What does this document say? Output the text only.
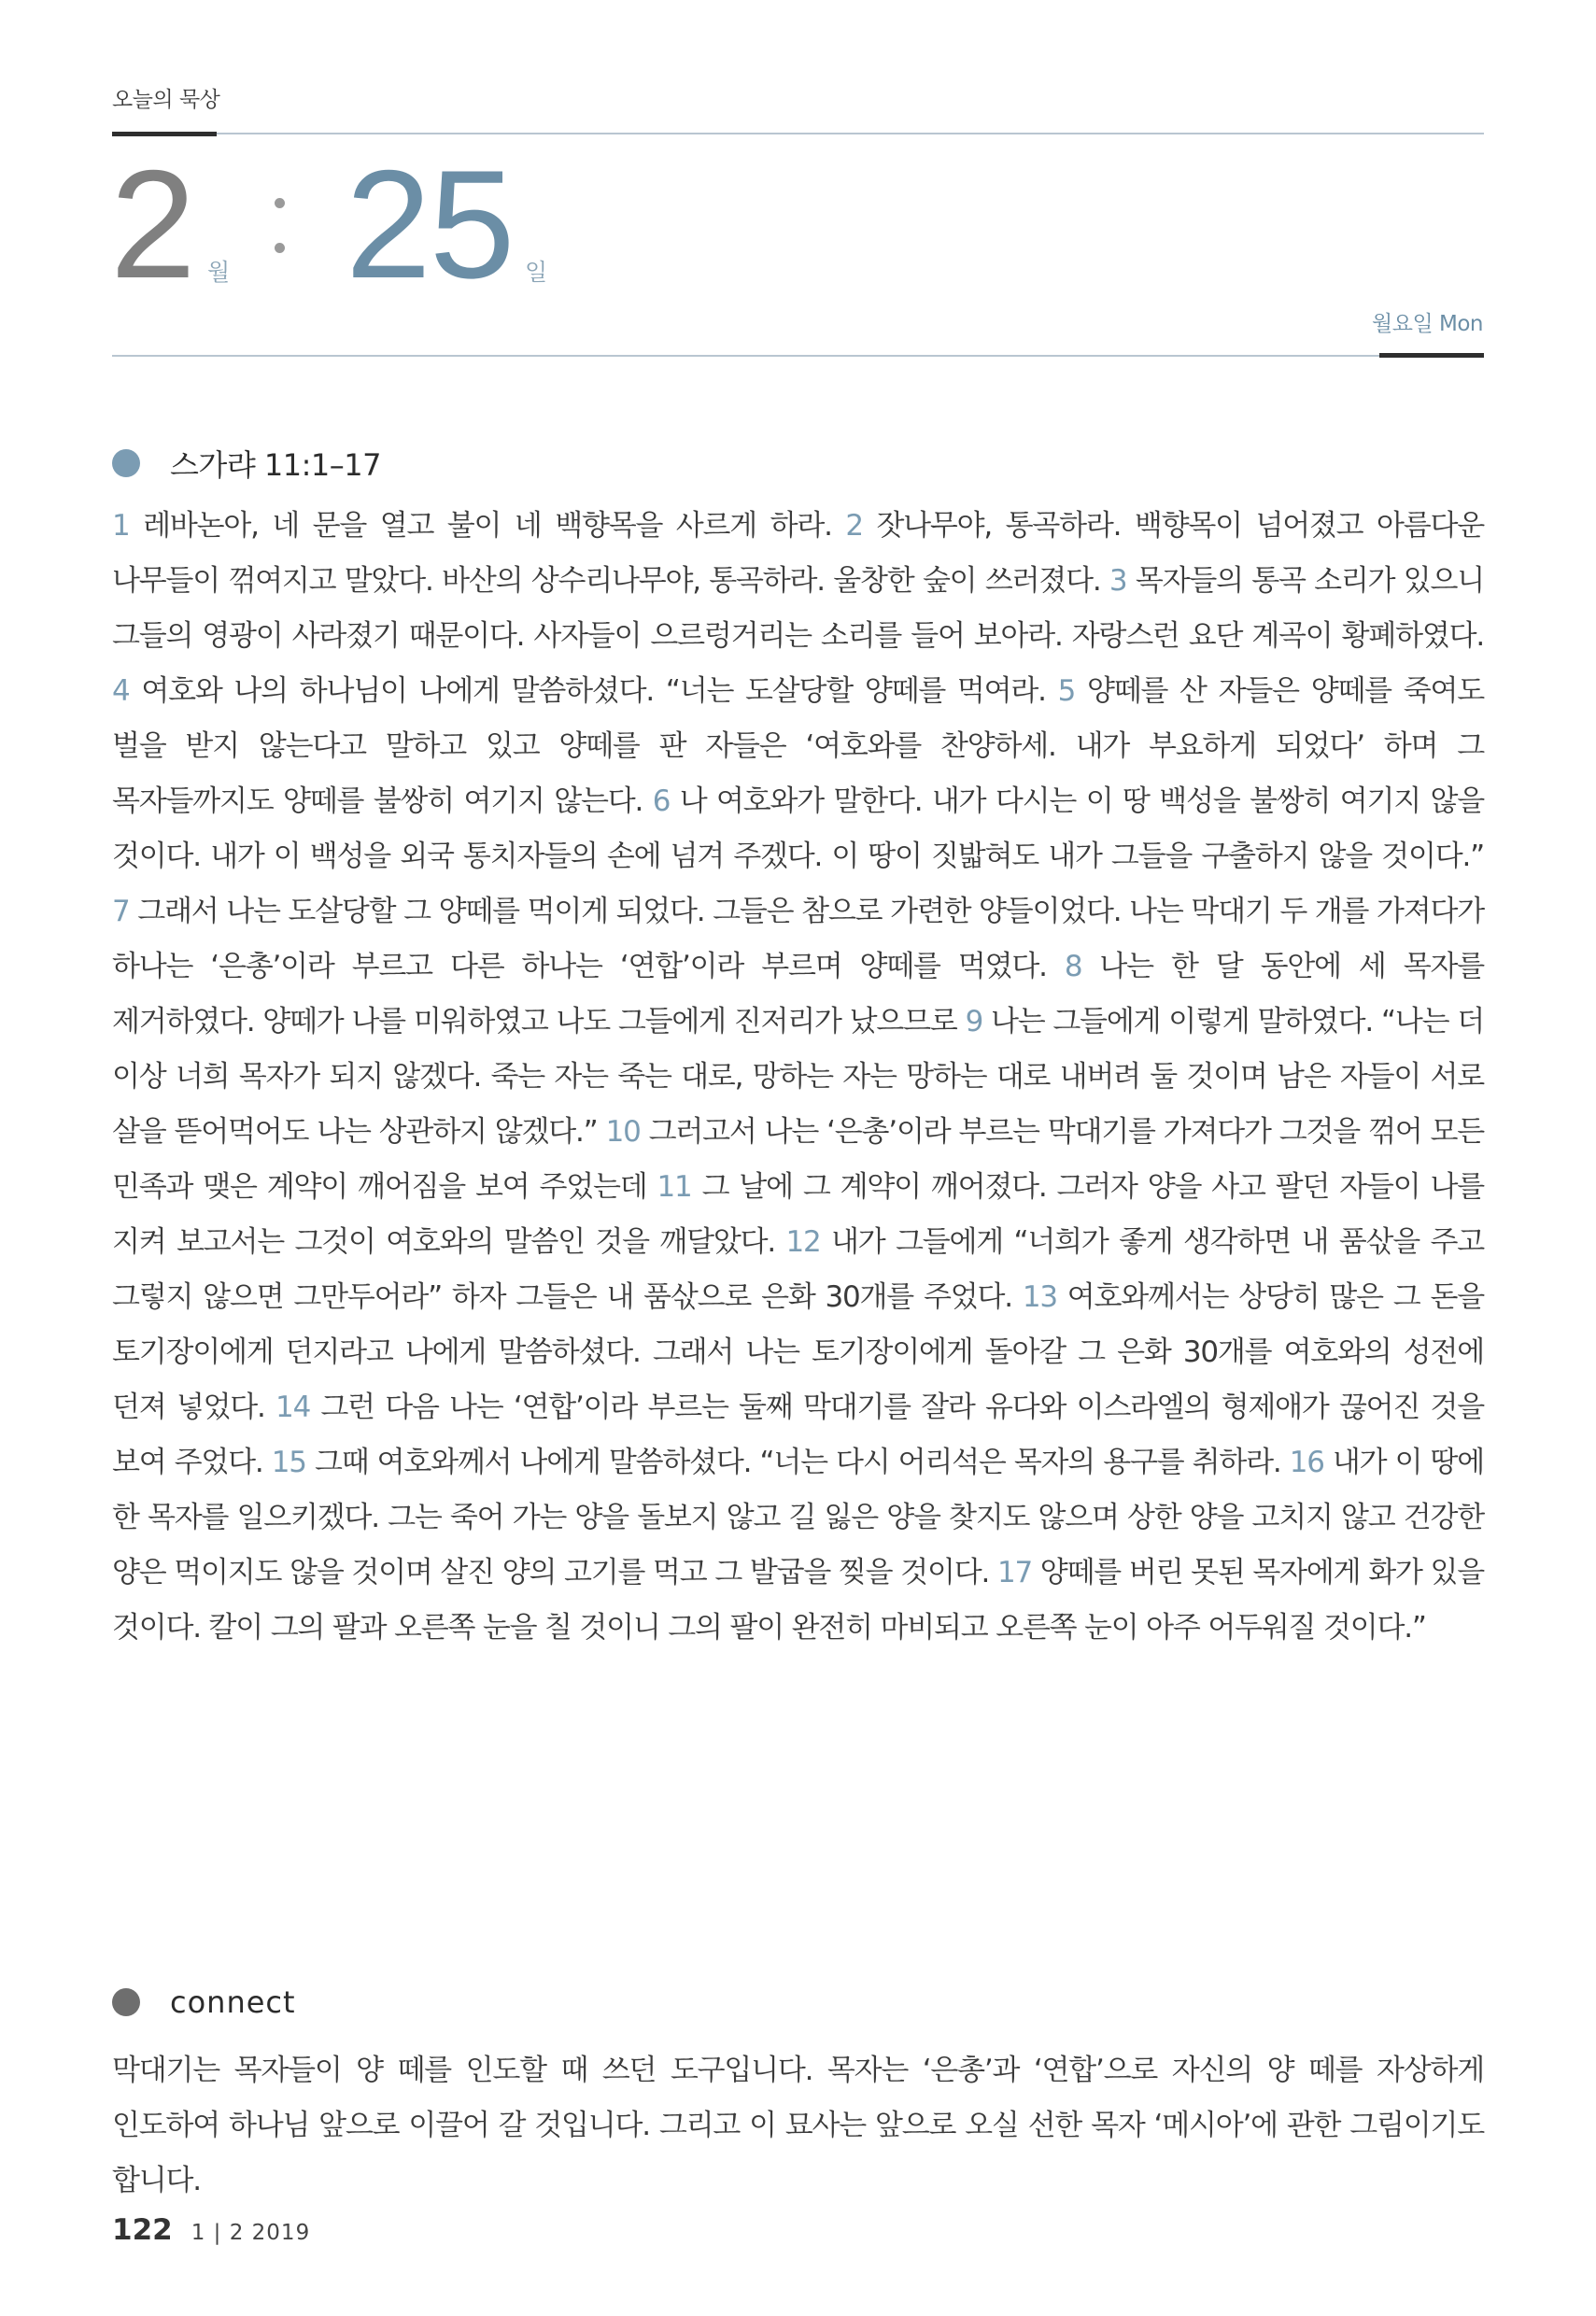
오늘의 묵상
2 월 25 일
월요일 Mon
스가랴 11:1–17
1 레바논아, 네 문을 열고 불이 네 백향목을 사르게 하라. 2 잣나무야, 통곡하라. 백향목이 넘어졌고 아름다운 나무들이 꺾여지고 말았다. 바산의 상수리나무야, 통곡하라. 울창한 숲이 쓰러졌다. 3 목자들의 통곡 소리가 있으니 그들의 영광이 사라졌기 때문이다. 사자들이 으르렁거리는 소리를 들어 보아라. 자랑스런 요단 계곡이 황폐하였다. 4 여호와 나의 하나님이 나에게 말씀하셨다. “너는 도살당할 양떼를 먹여라. 5 양떼를 산 자들은 양떼를 죽여도 벌을 받지 않는다고 말하고 있고 양떼를 판 자들은 ‘여호와를 찬양하세. 내가 부요하게 되었다’ 하며 그 목자들까지도 양떼를 불쌍히 여기지 않는다. 6 나 여호와가 말한다. 내가 다시는 이 땅 백성을 불쌍히 여기지 않을 것이다. 내가 이 백성을 외국 통치자들의 손에 넘겨 주겠다. 이 땅이 짓밟혀도 내가 그들을 구출하지 않을 것이다.” 7 그래서 나는 도살당할 그 양떼를 먹이게 되었다. 그들은 참으로 가련한 양들이었다. 나는 막대기 두 개를 가져다가 하나는 ‘은총’이라 부르고 다른 하나는 ‘연합’이라 부르며 양떼를 먹였다. 8 나는 한 달 동안에 세 목자를 제거하였다. 양떼가 나를 미워하였고 나도 그들에게 진저리가 났으므로 9 나는 그들에게 이렇게 말하였다. “나는 더 이상 너희 목자가 되지 않겠다. 죽는 자는 죽는 대로, 망하는 자는 망하는 대로 내버려 둘 것이며 남은 자들이 서로 살을 뜯어먹어도 나는 상관하지 않겠다.” 10 그러고서 나는 ‘은총’이라 부르는 막대기를 가져다가 그것을 꺾어 모든 민족과 맺은 계약이 깨어짐을 보여 주었는데 11 그 날에 그 계약이 깨어졌다. 그러자 양을 사고 팔던 자들이 나를 지켜 보고서는 그것이 여호와의 말씀인 것을 깨달았다. 12 내가 그들에게 “너희가 좋게 생각하면 내 품삯을 주고 그렇지 않으면 그만두어라” 하자 그들은 내 품삯으로 은화 30개를 주었다. 13 여호와께서는 상당히 많은 그 돈을 토기장이에게 던지라고 나에게 말씀하셨다. 그래서 나는 토기장이에게 돌아갈 그 은화 30개를 여호와의 성전에 던져 넣었다. 14 그런 다음 나는 ‘연합’이라 부르는 둘째 막대기를 잘라 유다와 이스라엘의 형제애가 끊어진 것을 보여 주었다. 15 그때 여호와께서 나에게 말씀하셨다. “너는 다시 어리석은 목자의 용구를 취하라. 16 내가 이 땅에 한 목자를 일으키겠다. 그는 죽어 가는 양을 돌보지 않고 길 잃은 양을 찾지도 않으며 상한 양을 고치지 않고 건강한 양은 먹이지도 않을 것이며 살진 양의 고기를 먹고 그 발굽을 찢을 것이다. 17 양떼를 버린 못된 목자에게 화가 있을 것이다. 칼이 그의 팔과 오른쪽 눈을 칠 것이니 그의 팔이 완전히 마비되고 오른쪽 눈이 아주 어두워질 것이다.”
connect
막대기는 목자들이 양 떼를 인도할 때 쓰던 도구입니다. 목자는 ‘은총’과 ‘연합’으로 자신의 양 떼를 자상하게 인도하여 하나님 앞으로 이끌어 갈 것입니다. 그리고 이 묘사는 앞으로 오실 선한 목자 ‘메시아’에 관한 그림이기도 합니다.
122 1 | 2 2019
